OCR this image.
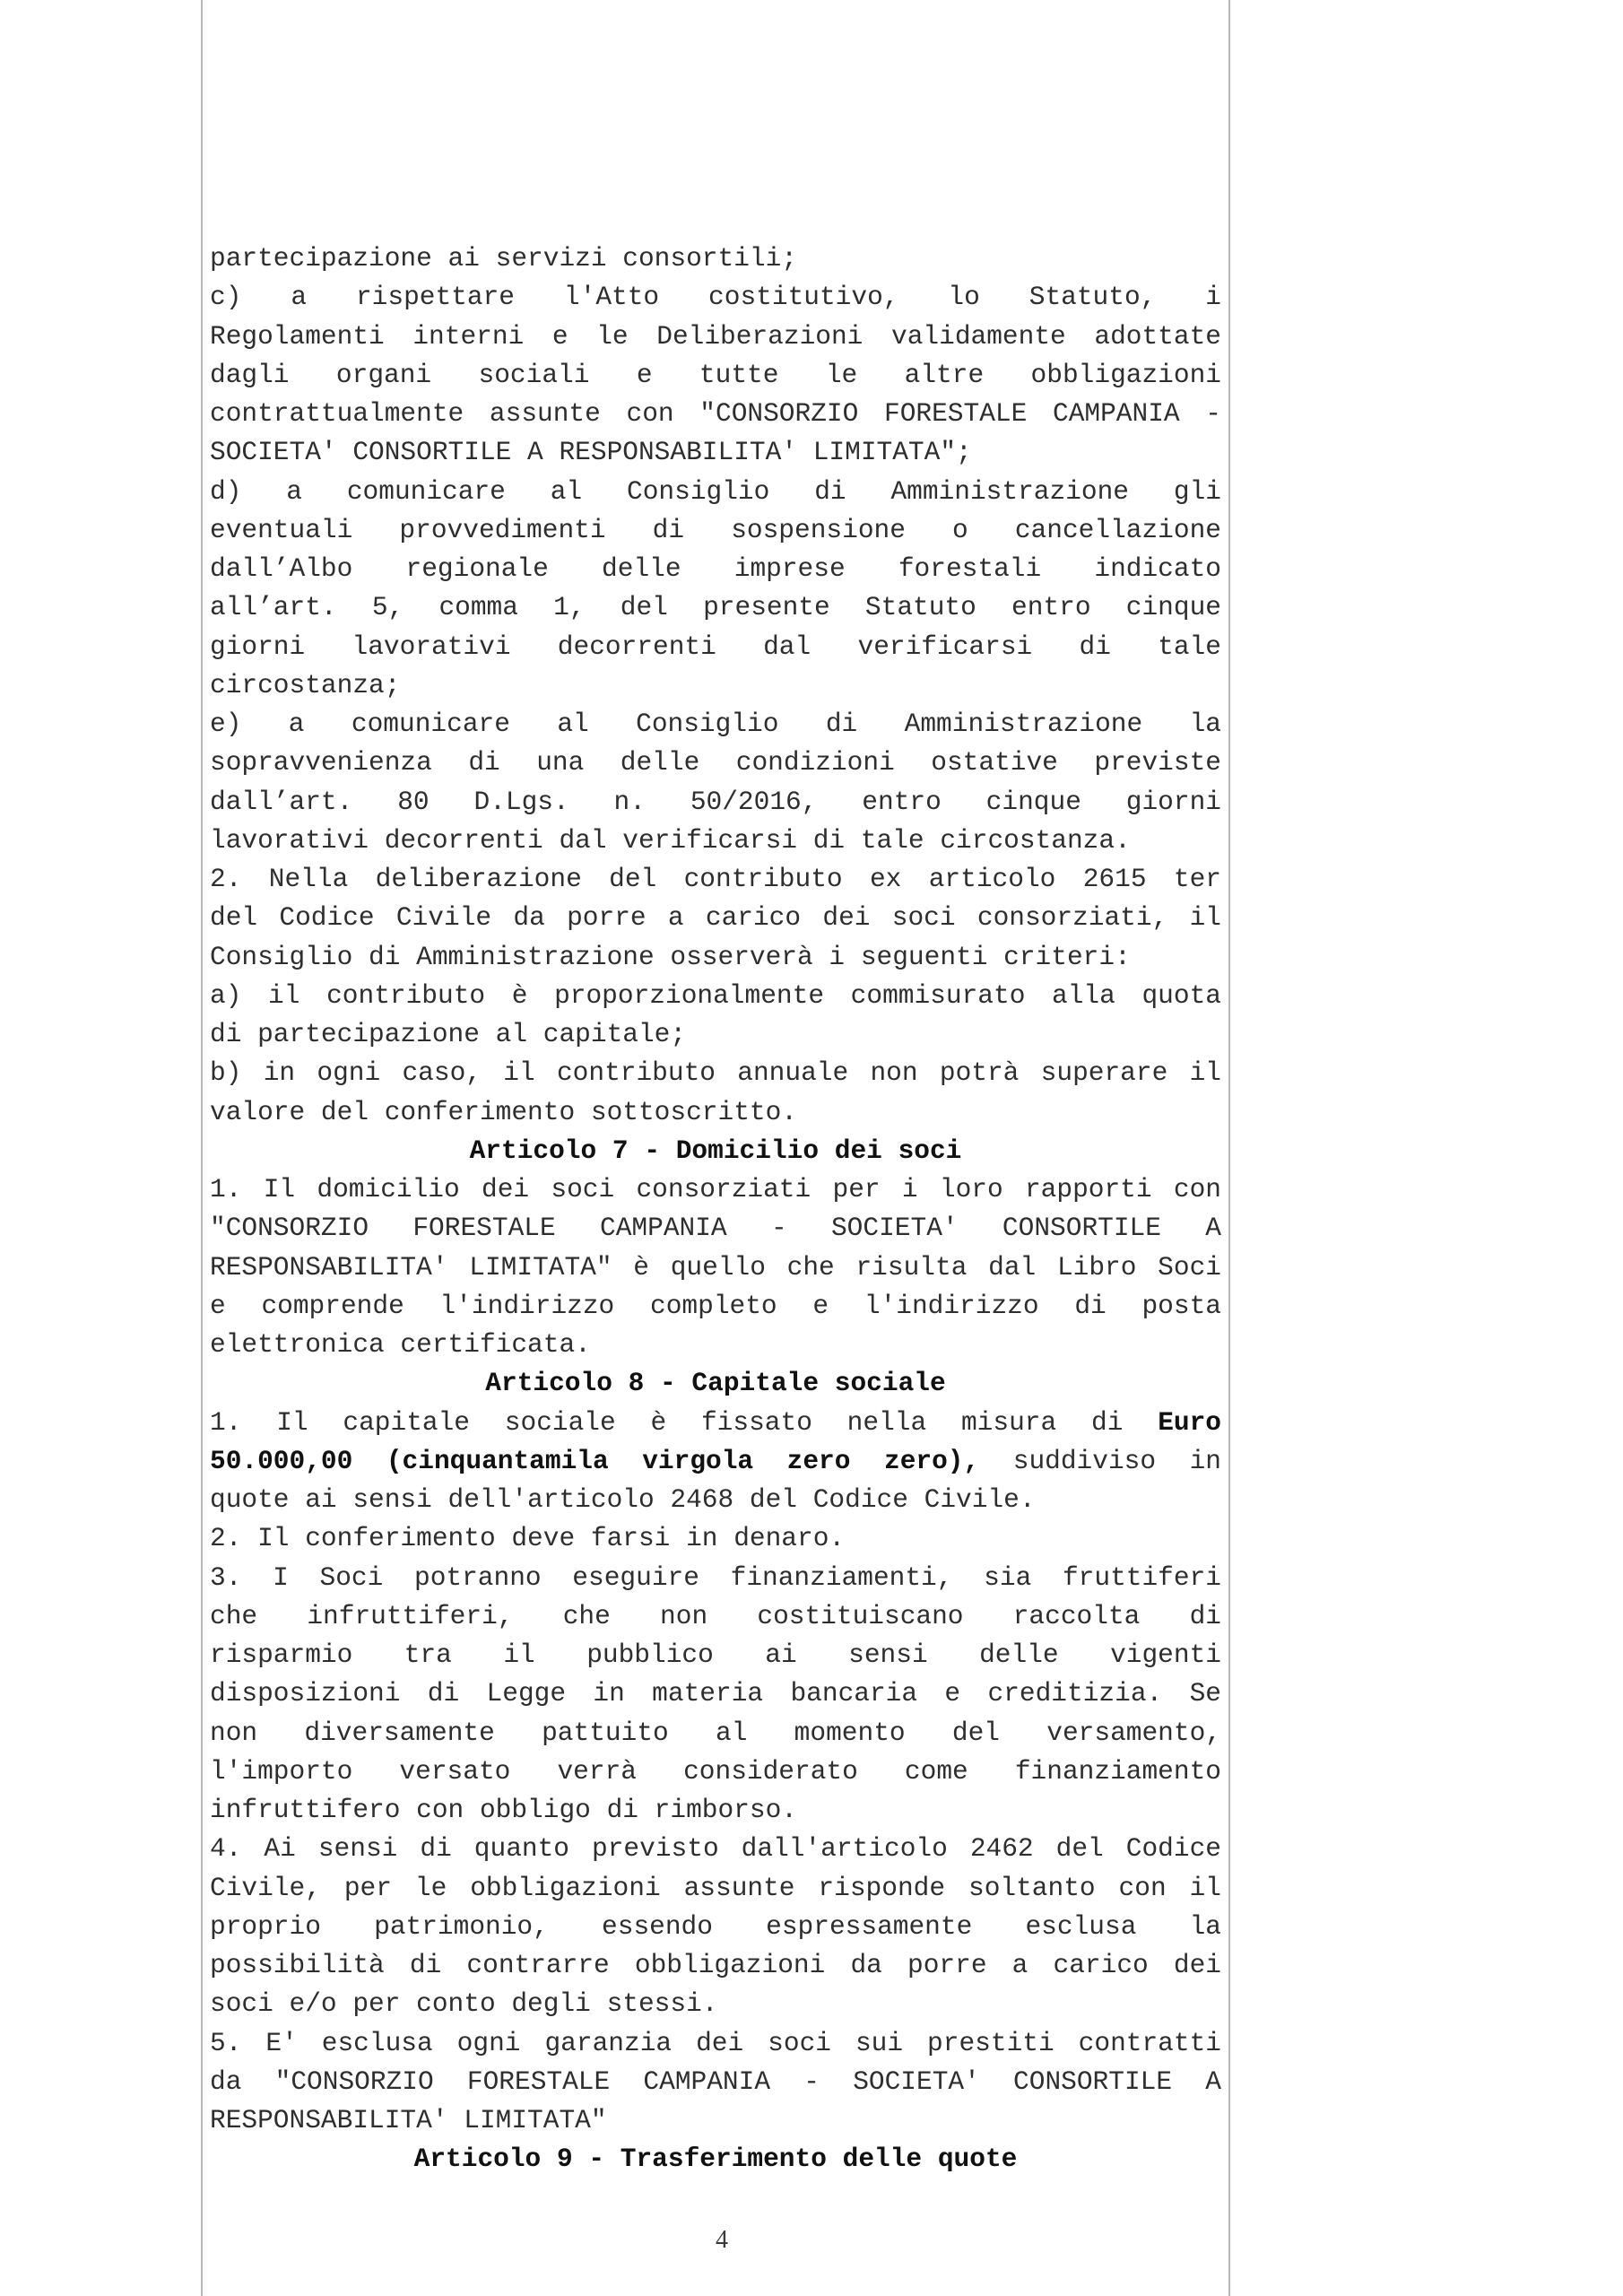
partecipazione ai servizi consortili;
c) a rispettare l'Atto costitutivo, lo Statuto, i
Regolamenti interni e le Deliberazioni validamente adottate
dagli organi sociali e tutte le altre obbligazioni
contrattualmente assunte con "CONSORZIO FORESTALE CAMPANIA -
SOCIETA' CONSORTILE A RESPONSABILITA' LIMITATA";
d) a comunicare al Consiglio di Amministrazione gli
eventuali provvedimenti di sospensione o cancellazione
dall’Albo regionale delle imprese forestali indicato
all’art. 5, comma 1, del presente Statuto entro cinque
giorni lavorativi decorrenti dal verificarsi di tale
circostanza;
e) a comunicare al Consiglio di Amministrazione la
sopravvenienza di una delle condizioni ostative previste
dall’art. 80 D.Lgs. n. 50/2016, entro cinque giorni
lavorativi decorrenti dal verificarsi di tale circostanza.
2. Nella deliberazione del contributo ex articolo 2615 ter
del Codice Civile da porre a carico dei soci consorziati, il
Consiglio di Amministrazione osserverà i seguenti criteri:
a) il contributo è proporzionalmente commisurato alla quota
di partecipazione al capitale;
b) in ogni caso, il contributo annuale non potrà superare il
valore del conferimento sottoscritto.
Articolo 7 - Domicilio dei soci
1. Il domicilio dei soci consorziati per i loro rapporti con
"CONSORZIO FORESTALE CAMPANIA - SOCIETA' CONSORTILE A
RESPONSABILITA' LIMITATA" è quello che risulta dal Libro Soci
e comprende l'indirizzo completo e l'indirizzo di posta
elettronica certificata.
Articolo 8 - Capitale sociale
1. Il capitale sociale è fissato nella misura di Euro
50.000,00 (cinquantamila virgola zero zero), suddiviso in
quote ai sensi dell'articolo 2468 del Codice Civile.
2. Il conferimento deve farsi in denaro.
3. I Soci potranno eseguire finanziamenti, sia fruttiferi
che infruttiferi, che non costituiscano raccolta di
risparmio tra il pubblico ai sensi delle vigenti
disposizioni di Legge in materia bancaria e creditizia. Se
non diversamente pattuito al momento del versamento,
l'importo versato verrà considerato come finanziamento
infruttifero con obbligo di rimborso.
4. Ai sensi di quanto previsto dall'articolo 2462 del Codice
Civile, per le obbligazioni assunte risponde soltanto con il
proprio patrimonio, essendo espressamente esclusa la
possibilità di contrarre obbligazioni da porre a carico dei
soci e/o per conto degli stessi.
5. E' esclusa ogni garanzia dei soci sui prestiti contratti
da "CONSORZIO FORESTALE CAMPANIA - SOCIETA' CONSORTILE A
RESPONSABILITA' LIMITATA"
Articolo 9 - Trasferimento delle quote
4
